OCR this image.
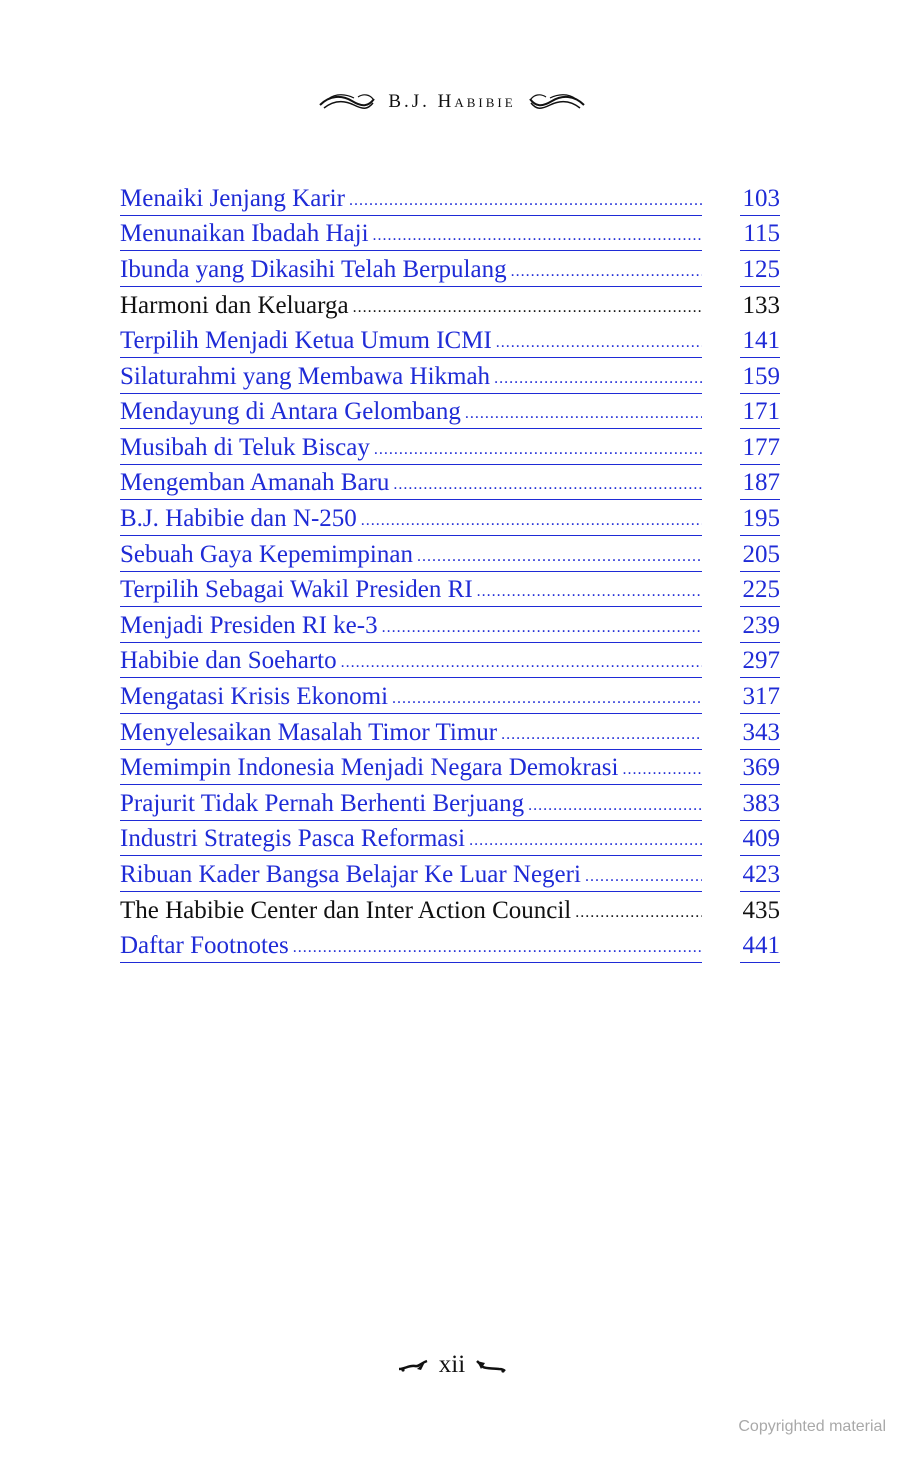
B.J. Habibie
Menaiki Jenjang Karir .....	103
Menunaikan Ibadah Haji .....	115
Ibunda yang Dikasihi Telah Berpulang .....	125
Harmoni dan Keluarga .....	133
Terpilih Menjadi Ketua Umum ICMI .....	141
Silaturahmi yang Membawa Hikmah .....	159
Mendayung di Antara Gelombang .....	171
Musibah di Teluk Biscay .....	177
Mengemban Amanah Baru .....	187
B.J. Habibie dan N-250 .....	195
Sebuah Gaya Kepemimpinan .....	205
Terpilih Sebagai Wakil Presiden RI .....	225
Menjadi Presiden RI ke-3 .....	239
Habibie dan Soeharto .....	297
Mengatasi Krisis Ekonomi .....	317
Menyelesaikan Masalah Timor Timur .....	343
Memimpin Indonesia Menjadi Negara Demokrasi .....	369
Prajurit Tidak Pernah Berhenti Berjuang .....	383
Industri Strategis Pasca Reformasi .....	409
Ribuan Kader Bangsa Belajar Ke Luar Negeri .....	423
The Habibie Center dan Inter Action Council .....	435
Daftar Footnotes .....	441
xii
Copyrighted material
